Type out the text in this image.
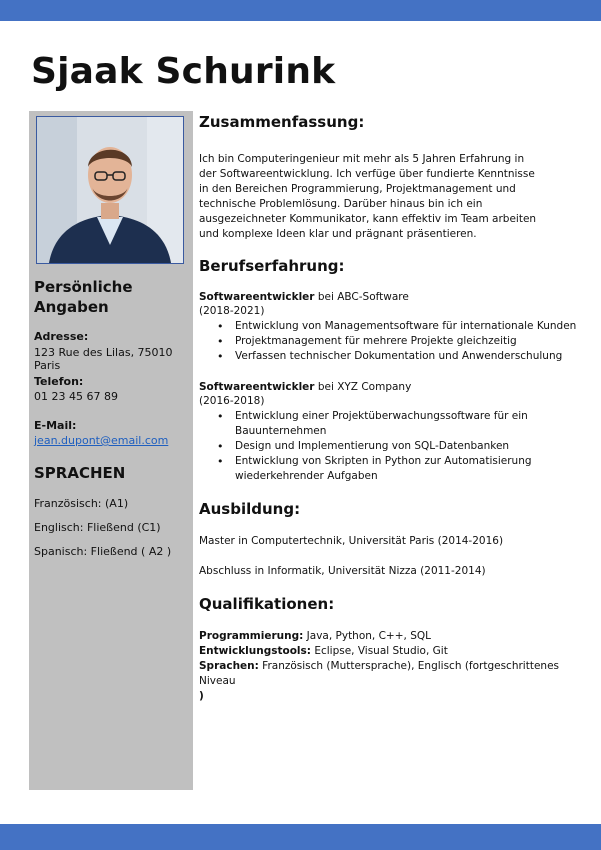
Sjaak Schurink
Persönliche Angaben
Adresse:
123 Rue des Lilas, 75010 Paris
Telefon:
01 23 45 67 89
E-Mail:
jean.dupont@email.com
SPRACHEN
Französisch: (A1)
Englisch: Fließend (C1)
Spanisch: Fließend ( A2 )
Zusammenfassung:

Ich bin Computeringenieur mit mehr als 5 Jahren Erfahrung in der Softwareentwicklung. Ich verfüge über fundierte Kenntnisse in den Bereichen Programmierung, Projektmanagement und technische Problemlösung. Darüber hinaus bin ich ein ausgezeichneter Kommunikator, kann effektiv im Team arbeiten und komplexe Ideen klar und prägnant präsentieren.

Berufserfahrung:
Softwareentwickler bei ABC-Software
(2018-2021)
• Entwicklung von Managementsoftware für internationale Kunden
• Projektmanagement für mehrere Projekte gleichzeitig
• Verfassen technischer Dokumentation und Anwenderschulung
Softwareentwickler bei XYZ Company
(2016-2018)
• Entwicklung einer Projektüberwachungssoftware für ein Bauunternehmen
• Design und Implementierung von SQL-Datenbanken
• Entwicklung von Skripten in Python zur Automatisierung wiederkehrender Aufgaben
Ausbildung:
Master in Computertechnik, Universität Paris (2014-2016)
Abschluss in Informatik, Universität Nizza (2011-2014)
Qualifikationen:
Programmierung: Java, Python, C++, SQL
Entwicklungstools: Eclipse, Visual Studio, Git
Sprachen: Französisch (Muttersprache), Englisch (fortgeschrittenes Niveau
)
